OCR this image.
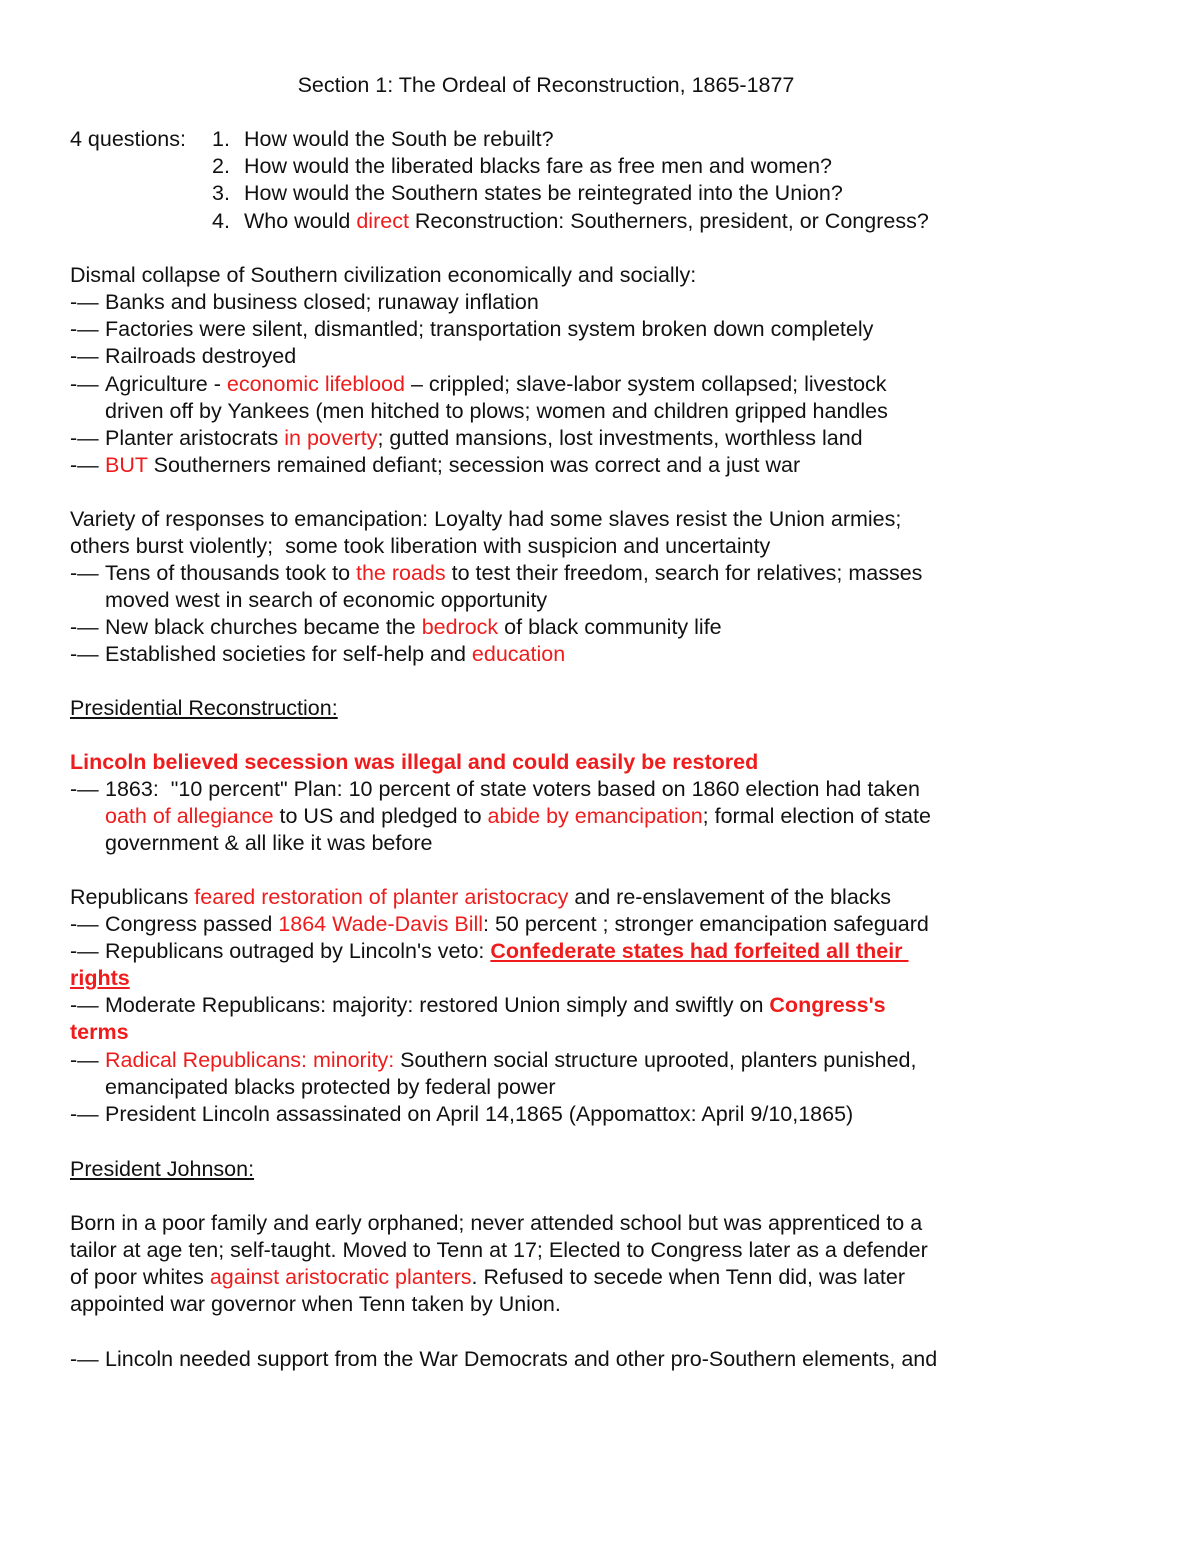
Section 1: The Ordeal of Reconstruction, 1865-1877
4 questions: 1. How would the South be rebuilt?
2. How would the liberated blacks fare as free men and women?
3. How would the Southern states be reintegrated into the Union?
4. Who would direct Reconstruction: Southerners, president, or Congress?
Dismal collapse of Southern civilization economically and socially:
-— Banks and business closed; runaway inflation
-— Factories were silent, dismantled; transportation system broken down completely
-— Railroads destroyed
-— Agriculture - economic lifeblood – crippled; slave-labor system collapsed; livestock
driven off by Yankees (men hitched to plows; women and children gripped handles
-— Planter aristocrats in poverty; gutted mansions, lost investments, worthless land
-— BUT Southerners remained defiant; secession was correct and a just war
Variety of responses to emancipation: Loyalty had some slaves resist the Union armies;
others burst violently;  some took liberation with suspicion and uncertainty
-— Tens of thousands took to the roads to test their freedom, search for relatives; masses
moved west in search of economic opportunity
-— New black churches became the bedrock of black community life
-— Established societies for self-help and education
Presidential Reconstruction:
Lincoln believed secession was illegal and could easily be restored
-— 1863:  "10 percent" Plan: 10 percent of state voters based on 1860 election had taken
oath of allegiance to US and pledged to abide by emancipation; formal election of state
government & all like it was before
Republicans feared restoration of planter aristocracy and re-enslavement of the blacks
-— Congress passed 1864 Wade-Davis Bill: 50 percent ; stronger emancipation safeguard
-— Republicans outraged by Lincoln's veto: Confederate states had forfeited all their
rights
-— Moderate Republicans: majority: restored Union simply and swiftly on Congress's
terms
-— Radical Republicans: minority: Southern social structure uprooted, planters punished,
emancipated blacks protected by federal power
-— President Lincoln assassinated on April 14,1865 (Appomattox: April 9/10,1865)
President Johnson:
Born in a poor family and early orphaned; never attended school but was apprenticed to a
tailor at age ten; self-taught. Moved to Tenn at 17; Elected to Congress later as a defender
of poor whites against aristocratic planters. Refused to secede when Tenn did, was later
appointed war governor when Tenn taken by Union.
-— Lincoln needed support from the War Democrats and other pro-Southern elements, and
